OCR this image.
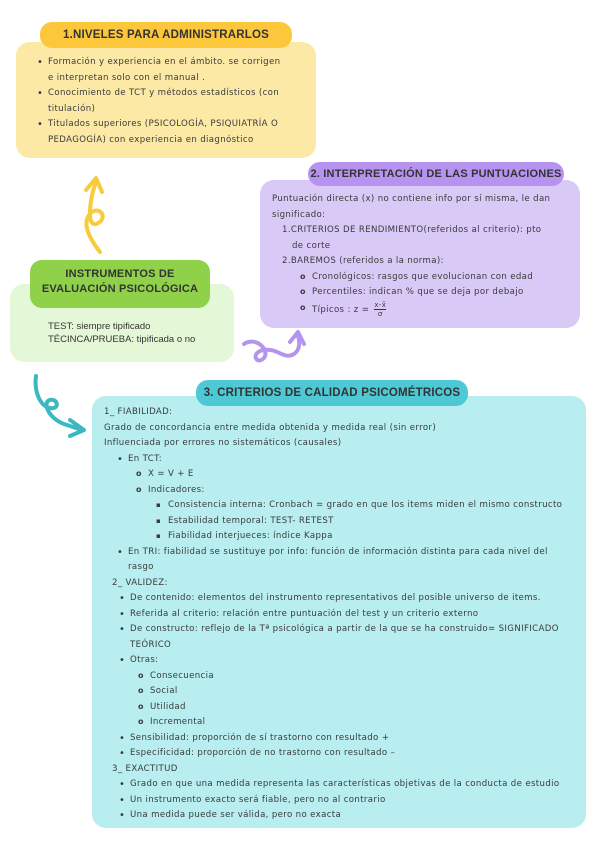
1.NIVELES PARA ADMINISTRARLOS
• Formación y experiencia en el ámbito. se corrigen
e interpretan solo con el manual .
• Conocimiento de TCT y métodos estadísticos (con
titulación)
• Titulados superiores (PSICOLOGÍA, PSIQUIATRÍA O
PEDAGOGÍA) con experiencia en diagnóstico
INSTRUMENTOS DE
EVALUACIÓN PSICOLÓGICA
TEST: siempre tipificado
TÉCINCA/PRUEBA: tipificada o no
2. INTERPRETACIÓN DE LAS PUNTUACIONES
Puntuación directa (x) no contiene info por sí misma, le dan
significado:
1.CRITERIOS DE RENDIMIENTO(referidos al criterio): pto
de corte
2.BAREMOS (referidos a la norma):
o Cronológicos: rasgos que evolucionan con edad
o Percentiles: indican % que se deja por debajo
o Típicos : $z = \frac{x-x̄}{\sigma}$
3. CRITERIOS DE CALIDAD PSICOMÉTRICOS
1_ FIABILIDAD:
Grado de concordancia entre medida obtenida y medida real (sin error)
Influenciada por errores no sistemáticos (causales)
• En TCT:
o X = V + E
o Indicadores:
▪ Consistencia interna: Cronbach = grado en que los items miden el mismo constructo
▪ Estabilidad temporal: TEST- RETEST
▪ Fiabilidad interjueces: índice Kappa
• En TRI: fiabilidad se sustituye por info: función de información distinta para cada nivel del
rasgo
2_ VALIDEZ:
• De contenido: elementos del instrumento representativos del posible universo de items.
• Referida al criterio: relación entre puntuación del test y un criterio externo
• De constructo: reflejo de la Tª psicológica a partir de la que se ha construido= SIGNIFICADO
TEÓRICO
• Otras:
o Consecuencia
o Social
o Utilidad
o Incremental
• Sensibilidad: proporción de sí trastorno con resultado +
• Especificidad: proporción de no trastorno con resultado –
3_ EXACTITUD
• Grado en que una medida representa las características objetivas de la conducta de estudio
• Un instrumento exacto será fiable, pero no al contrario
• Una medida puede ser válida, pero no exacta
